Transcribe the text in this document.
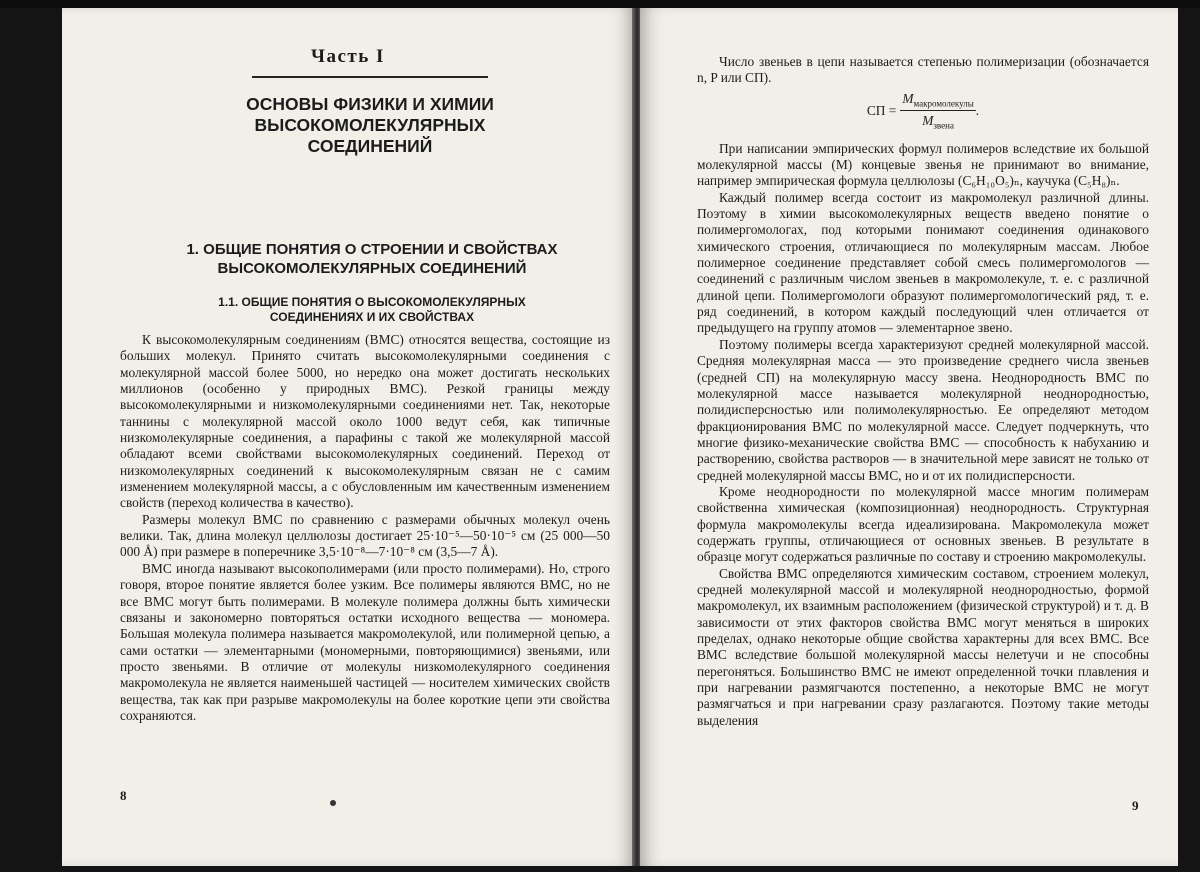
Часть I
ОСНОВЫ ФИЗИКИ И ХИМИИ
ВЫСОКОМОЛЕКУЛЯРНЫХ
СОЕДИНЕНИЙ
1. ОБЩИЕ ПОНЯТИЯ О СТРОЕНИИ И СВОЙСТВАХ
ВЫСОКОМОЛЕКУЛЯРНЫХ СОЕДИНЕНИЙ
1.1. ОБЩИЕ ПОНЯТИЯ О ВЫСОКОМОЛЕКУЛЯРНЫХ
СОЕДИНЕНИЯХ И ИХ СВОЙСТВАХ

К высокомолекулярным соединениям (ВМС) относятся вещества, состоящие из больших молекул. Принято считать высокомолекулярными соединения с молекулярной массой более 5000, но нередко она может достигать нескольких миллионов (особенно у природных ВМС). Резкой границы между высокомолекулярными и низкомолекулярными соединениями нет. Так, некоторые таннины с молекулярной массой около 1000 ведут себя, как типичные низкомолекулярные соединения, а парафины с такой же молекулярной массой обладают всеми свойствами высокомолекулярных соединений. Переход от низкомолекулярных соединений к высокомолекулярным связан не с самим изменением молекулярной массы, а с обусловленным им качественным изменением свойств (переход количества в качество).

Размеры молекул ВМС по сравнению с размерами обычных молекул очень велики. Так, длина молекул целлюлозы достигает 25·10⁻⁵—50·10⁻⁵ см (25 000—50 000 Å) при размере в поперечнике 3,5·10⁻⁸—7·10⁻⁸ см (3,5—7 Å).

ВМС иногда называют высокополимерами (или просто полимерами). Но, строго говоря, второе понятие является более узким. Все полимеры являются ВМС, но не все ВМС могут быть полимерами. В молекуле полимера должны быть химически связаны и закономерно повторяться остатки исходного вещества — мономера. Большая молекула полимера называется макромолекулой, или полимерной цепью, а сами остатки — элементарными (мономерными, повторяющимися) звеньями, или просто звеньями. В отличие от молекулы низкомолекулярного соединения макромолекула не является наименьшей частицей — носителем химических свойств вещества, так как при разрыве макромолекулы на более короткие цепи эти свойства сохраняются.

8

Число звеньев в цепи называется степенью полимеризации (обозначается n, P или СП).

СП = $\frac{M_{макромолекулы}}{M_{звена}}$ .

При написании эмпирических формул полимеров вследствие их большой молекулярной массы (M) концевые звенья не принимают во внимание, например эмпирическая формула целлюлозы (C₆H₁₀O₅)ₙ, каучука (C₅H₈)ₙ.

Каждый полимер всегда состоит из макромолекул различной длины. Поэтому в химии высокомолекулярных веществ введено понятие о полимергомологах, под которыми понимают соединения одинакового химического строения, отличающиеся по молекулярным массам. Любое полимерное соединение представляет собой смесь полимергомологов — соединений с различным числом звеньев в макромолекуле, т. е. с различной длиной цепи. Полимергомологи образуют полимергомологический ряд, т. е. ряд соединений, в котором каждый последующий член отличается от предыдущего на группу атомов — элементарное звено.

Поэтому полимеры всегда характеризуют средней молекулярной массой. Средняя молекулярная масса — это произведение среднего числа звеньев (средней СП) на молекулярную массу звена. Неоднородность ВМС по молекулярной массе называется молекулярной неоднородностью, полидисперсностью или полимолекулярностью. Ее определяют методом фракционирования ВМС по молекулярной массе. Следует подчеркнуть, что многие физико-механические свойства ВМС — способность к набуханию и растворению, свойства растворов — в значительной мере зависят не только от средней молекулярной массы ВМС, но и от их полидисперсности.

Кроме неоднородности по молекулярной массе многим полимерам свойственна химическая (композиционная) неоднородность. Структурная формула макромолекулы всегда идеализирована. Макромолекула может содержать группы, отличающиеся от основных звеньев. В результате в образце могут содержаться различные по составу и строению макромолекулы.

Свойства ВМС определяются химическим составом, строением молекул, средней молекулярной массой и молекулярной неоднородностью, формой макромолекул, их взаимным расположением (физической структурой) и т. д. В зависимости от этих факторов свойства ВМС могут меняться в широких пределах, однако некоторые общие свойства характерны для всех ВМС. Все ВМС вследствие большой молекулярной массы нелетучи и не способны перегоняться. Большинство ВМС не имеют определенной точки плавления и при нагревании размягчаются постепенно, а некоторые ВМС не могут размягчаться и при нагревании сразу разлагаются. Поэтому такие методы выделения

9
